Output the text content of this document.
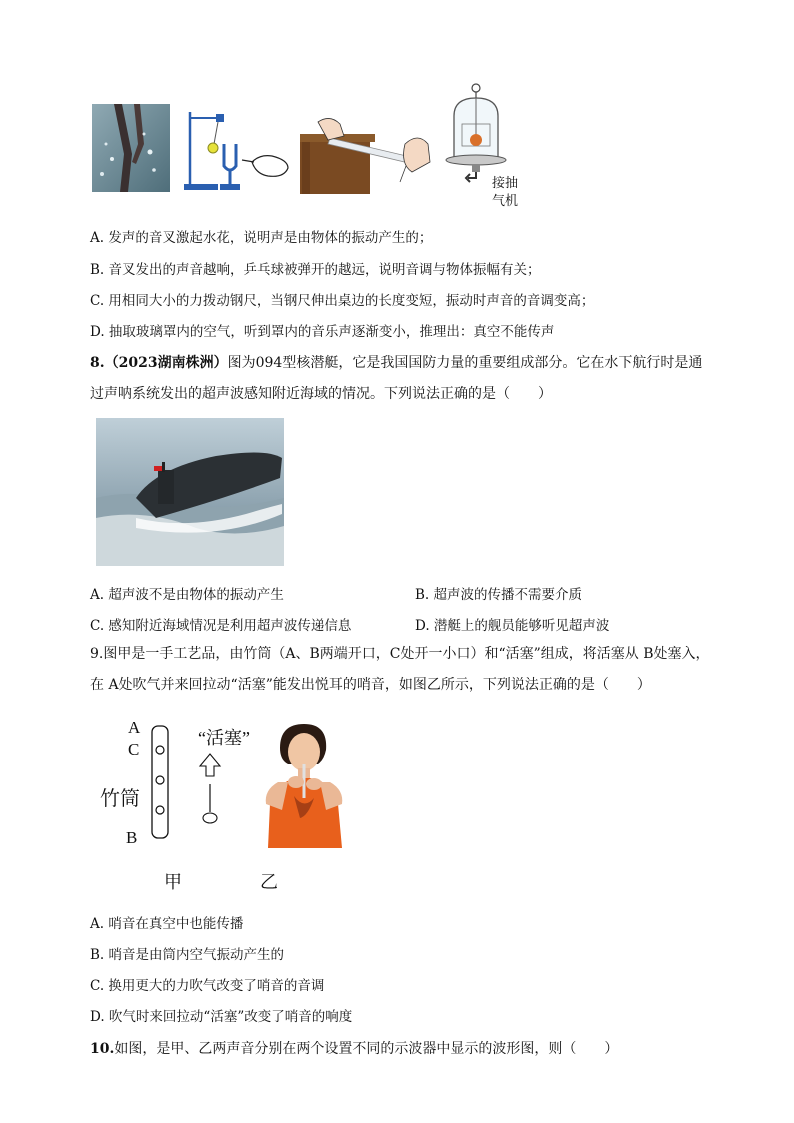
接抽
气机
A. 发声的音叉激起水花，说明声是由物体的振动产生的；
B. 音叉发出的声音越响，乒乓球被弹开的越远，说明音调与物体振幅有关；
C. 用相同大小的力拨动钢尺，当钢尺伸出桌边的长度变短，振动时声音的音调变高；
D. 抽取玻璃罩内的空气，听到罩内的音乐声逐渐变小，推理出：真空不能传声
8.（2023湖南株洲）图为094型核潜艇，它是我国国防力量的重要组成部分。它在水下航行时是通
过声呐系统发出的超声波感知附近海域的情况。下列说法正确的是（　　）
A. 超声波不是由物体的振动产生	B. 超声波的传播不需要介质
C. 感知附近海域情况是利用超声波传递信息	D. 潜艇上的舰员能够听见超声波
9.图甲是一手工艺品，由竹筒（A、B两端开口，C处开一小口）和“活塞”组成，将活塞从 B处塞入，
在 A处吹气并来回拉动“活塞”能发出悦耳的哨音，如图乙所示，下列说法正确的是（　　）
A
C
竹筒
B
“活塞”
甲	乙
A. 哨音在真空中也能传播
B. 哨音是由筒内空气振动产生的
C. 换用更大的力吹气改变了哨音的音调
D. 吹气时来回拉动“活塞”改变了哨音的响度
10.如图，是甲、乙两声音分别在两个设置不同的示波器中显示的波形图，则（　　）
